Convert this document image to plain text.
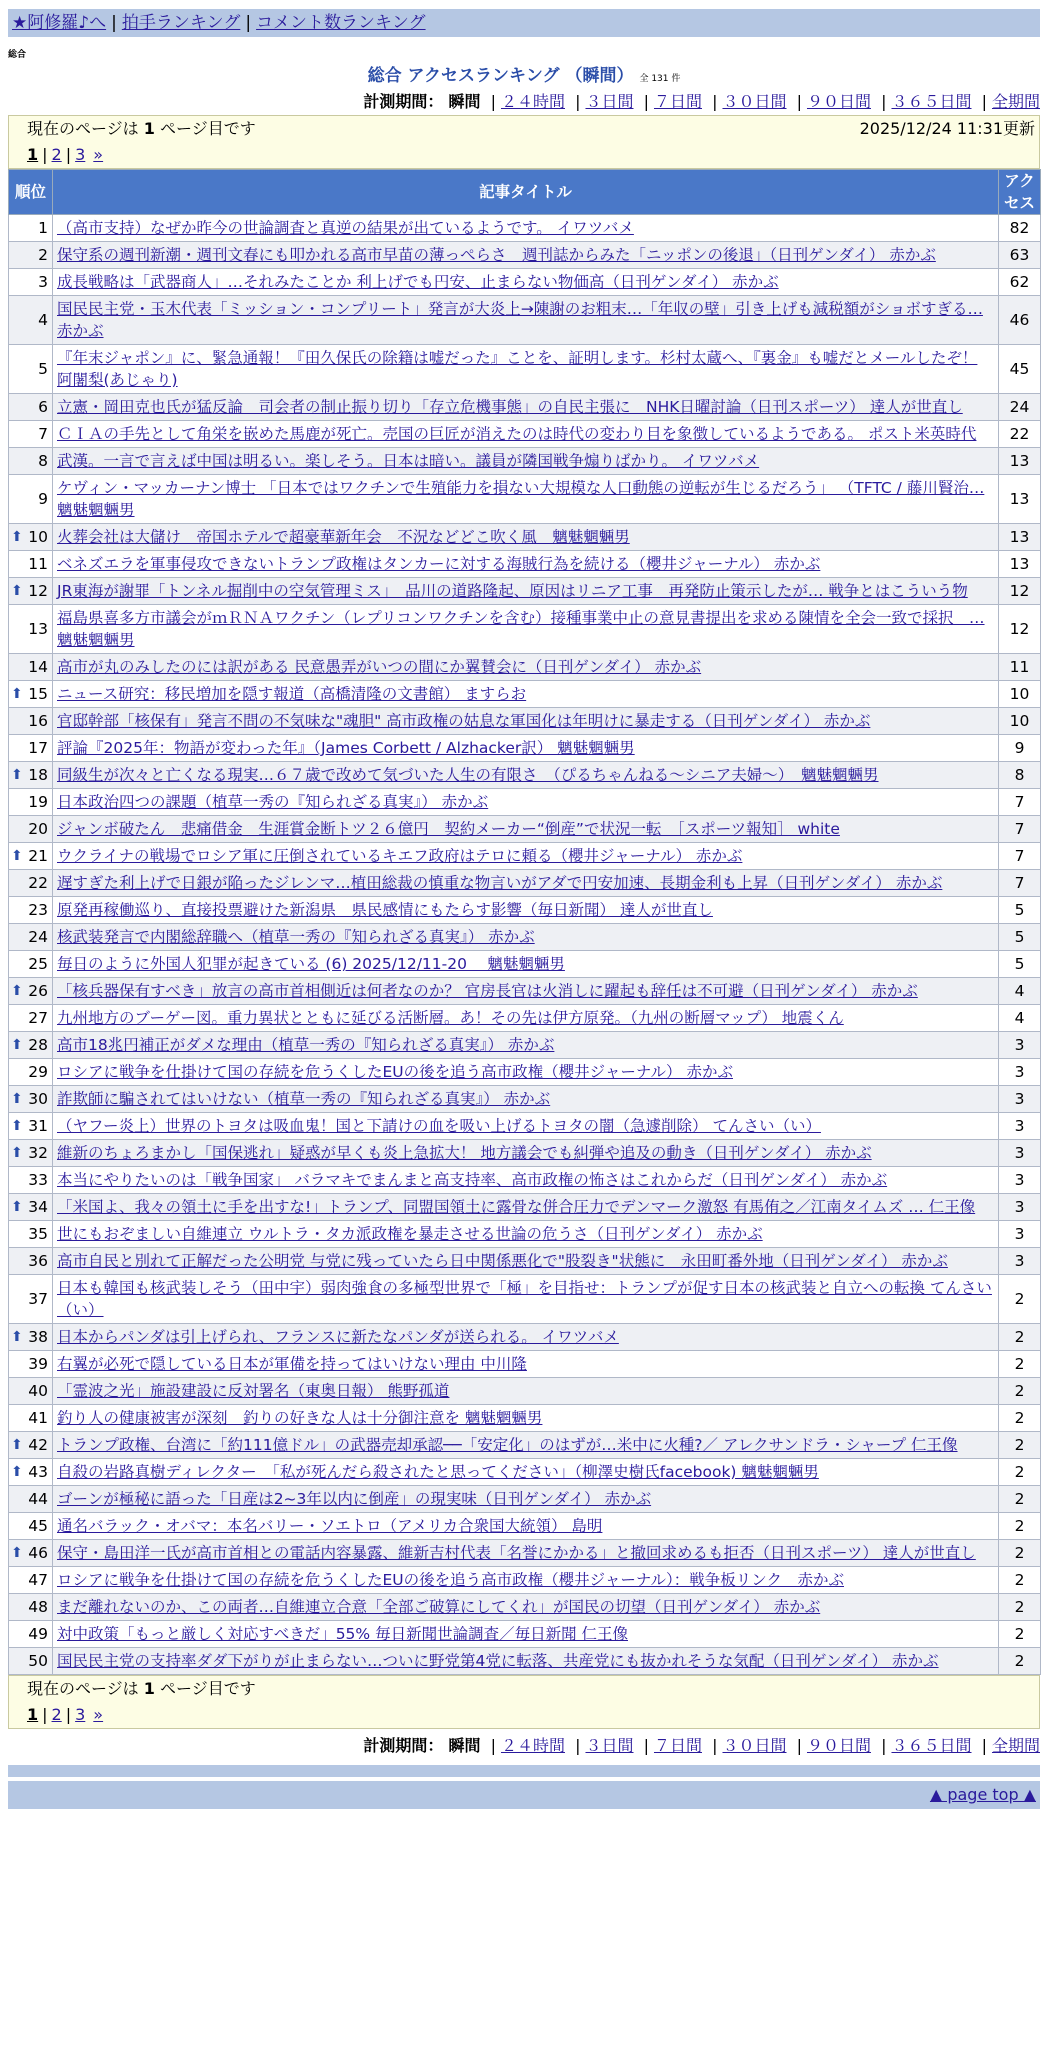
★阿修羅♪へ | 拍手ランキング | コメント数ランキング
総合
総合 アクセスランキング （瞬間） 全 131 件
計測期間： 瞬間 | ２４時間 | ３日間 | ７日間 | ３０日間 | ９０日間 | ３６５日間 | 全期間
現在のページは 1 ページ目です	2025/12/24 11:31更新
1 | 2 | 3 »
順位	記事タイトル	アクセス
1	（高市支持）なぜか昨今の世論調査と真逆の結果が出ているようです。 イワツバメ	82
2	保守系の週刊新潮・週刊文春にも叩かれる高市早苗の薄っぺらさ　週刊誌からみた「ニッポンの後退」（日刊ゲンダイ） 赤かぶ	63
3	成長戦略は「武器商人」…それみたことか 利上げでも円安、止まらない物価高（日刊ゲンダイ） 赤かぶ	62
4	国民民主党・玉木代表「ミッション・コンプリート」発言が大炎上→陳謝のお粗末…「年収の壁」引き上げも減税額がショボすぎる… 赤かぶ	46
5	『年末ジャポン』に、緊急通報！『田久保氏の除籍は嘘だった』ことを、証明します。杉村太蔵へ、『裏金』も嘘だとメールしたぞ！ 阿闍梨(あじゃり)	45
6	立憲・岡田克也氏が猛反論　司会者の制止振り切り「存立危機事態」の自民主張に　NHK日曜討論（日刊スポーツ） 達人が世直し	24
7	ＣＩＡの手先として角栄を嵌めた馬鹿が死亡。売国の巨匠が消えたのは時代の変わり目を象徴しているようである。 ポスト米英時代	22
8	武漢。一言で言えば中国は明るい。楽しそう。日本は暗い。議員が隣国戦争煽りばかり。 イワツバメ	13
9	ケヴィン・マッカーナン博士 「日本ではワクチンで生殖能力を損ない大規模な人口動態の逆転が生じるだろう」 （TFTC / 藤川賢治… 魑魅魍魎男	13

⬆ 10	火葬会社は大儲け　帝国ホテルで超豪華新年会　不況などどこ吹く風　魑魅魍魎男	13
11	ベネズエラを軍事侵攻できないトランプ政権はタンカーに対する海賊行為を続ける（櫻井ジャーナル） 赤かぶ	13

⬆ 12	JR東海が謝罪「トンネル掘削中の空気管理ミス」　品川の道路隆起、原因はリニア工事　再発防止策示したが… 戦争とはこういう物	12
13	福島県喜多方市議会がｍＲＮＡワクチン（レプリコンワクチンを含む）接種事業中止の意見書提出を求める陳情を全会一致で採択　… 魑魅魍魎男	12
14	高市が丸のみしたのには訳がある 民意愚弄がいつの間にか翼賛会に（日刊ゲンダイ） 赤かぶ	11

⬆ 15	ニュース研究：移民増加を隠す報道（高橋清隆の文書館） ますらお	10
16	官邸幹部「核保有」発言不問の不気味な"魂胆" 高市政権の姑息な軍国化は年明けに暴走する（日刊ゲンダイ） 赤かぶ	10
17	評論『2025年：物語が変わった年』（James Corbett / Alzhacker訳） 魑魅魍魎男	9

⬆ 18	同級生が次々と亡くなる現実…６７歳で改めて気づいた人生の有限さ　（ぴるちゃんねる～シニア夫婦～）　魑魅魍魎男	8
19	日本政治四つの課題（植草一秀の『知られざる真実』） 赤かぶ	7
20	ジャンボ破たん　悲痛借金　生涯賞金断トツ２６億円　契約メーカー“倒産”で状況一転　［スポーツ報知］ white	7

⬆ 21	ウクライナの戦場でロシア軍に圧倒されているキエフ政府はテロに頼る（櫻井ジャーナル） 赤かぶ	7
22	遅すぎた利上げで日銀が陥ったジレンマ…植田総裁の慎重な物言いがアダで円安加速、長期金利も上昇（日刊ゲンダイ） 赤かぶ	7
23	原発再稼働巡り、直接投票避けた新潟県　県民感情にもたらす影響（毎日新聞） 達人が世直し	5
24	核武装発言で内閣総辞職へ（植草一秀の『知られざる真実』） 赤かぶ	5
25	毎日のように外国人犯罪が起きている (6) 2025/12/11-20　 魑魅魍魎男	5

⬆ 26	「核兵器保有すべき」放言の高市首相側近は何者なのか？ 官房長官は火消しに躍起も辞任は不可避（日刊ゲンダイ） 赤かぶ	4
27	九州地方のブーゲー図。重力異状とともに延びる活断層。あ！その先は伊方原発。（九州の断層マップ） 地震くん	4

⬆ 28	高市18兆円補正がダメな理由（植草一秀の『知られざる真実』） 赤かぶ	3
29	ロシアに戦争を仕掛けて国の存続を危うくしたEUの後を追う高市政権（櫻井ジャーナル） 赤かぶ	3

⬆ 30	詐欺師に騙されてはいけない（植草一秀の『知られざる真実』） 赤かぶ	3

⬆ 31	（ヤフー炎上）世界のトヨタは吸血鬼！国と下請けの血を吸い上げるトヨタの闇（急遽削除） てんさい（い）	3

⬆ 32	維新のちょろまかし「国保逃れ」疑惑が早くも炎上急拡大！ 地方議会でも糾弾や追及の動き（日刊ゲンダイ） 赤かぶ	3
33	本当にやりたいのは「戦争国家」 バラマキでまんまと高支持率、高市政権の怖さはこれからだ（日刊ゲンダイ） 赤かぶ	3

⬆ 34	「米国よ、我々の領土に手を出すな!」トランプ、同盟国領土に露骨な併合圧力でデンマーク激怒 有馬侑之／江南タイムズ … 仁王像	3
35	世にもおぞましい自維連立 ウルトラ・タカ派政権を暴走させる世論の危うさ（日刊ゲンダイ） 赤かぶ	3
36	高市自民と別れて正解だった公明党 与党に残っていたら日中関係悪化で"股裂き"状態に　永田町番外地（日刊ゲンダイ） 赤かぶ	3
37	日本も韓国も核武装しそう（田中宇）弱肉強食の多極型世界で「極」を目指せ：トランプが促す日本の核武装と自立への転換 てんさい（い）	2

⬆ 38	日本からパンダは引上げられ、フランスに新たなパンダが送られる。 イワツバメ	2
39	右翼が必死で隠している日本が軍備を持ってはいけない理由 中川隆	2
40	「霊波之光」施設建設に反対署名（東奥日報） 熊野孤道	2
41	釣り人の健康被害が深刻　釣りの好きな人は十分御注意を 魑魅魍魎男	2

⬆ 42	トランプ政権、台湾に「約111億ドル」の武器売却承認──「安定化」のはずが…米中に火種?／ アレクサンドラ・シャープ 仁王像	2

⬆ 43	自殺の岩路真樹ディレクター　「私が死んだら殺されたと思ってください」（柳澤史樹氏facebook) 魑魅魍魎男	2
44	ゴーンが極秘に語った「日産は2~3年以内に倒産」の現実味（日刊ゲンダイ） 赤かぶ	2
45	通名バラック・オバマ：本名バリー・ソエトロ（アメリカ合衆国大統領） 島明	2

⬆ 46	保守・島田洋一氏が高市首相との電話内容暴露、維新吉村代表「名誉にかかる」と撤回求めるも拒否（日刊スポーツ） 達人が世直し	2
47	ロシアに戦争を仕掛けて国の存続を危うくしたEUの後を追う高市政権（櫻井ジャーナル）：戦争板リンク　赤かぶ	2
48	まだ離れないのか、この両者…自維連立合意「全部ご破算にしてくれ」が国民の切望（日刊ゲンダイ） 赤かぶ	2
49	対中政策「もっと厳しく対応すべきだ」55% 毎日新聞世論調査／毎日新聞 仁王像	2
50	国民民主党の支持率ダダ下がりが止まらない…ついに野党第4党に転落、共産党にも抜かれそうな気配（日刊ゲンダイ） 赤かぶ	2
現在のページは 1 ページ目です
1 | 2 | 3 »
計測期間： 瞬間 | ２４時間 | ３日間 | ７日間 | ３０日間 | ９０日間 | ３６５日間 | 全期間
▲ page top ▲
